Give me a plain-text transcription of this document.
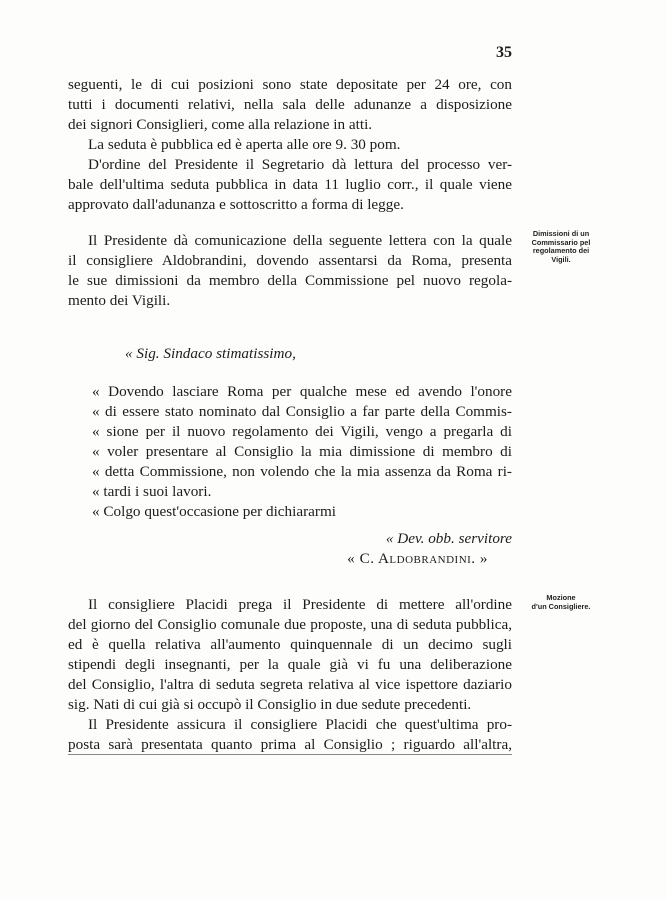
35
seguenti, le di cui posizioni sono state depositate per 24 ore, con
tutti i documenti relativi, nella sala delle adunanze a disposizione
dei signori Consiglieri, come alla relazione in atti.
La seduta è pubblica ed è aperta alle ore 9. 30 pom.
D'ordine del Presidente il Segretario dà lettura del processo ver-
bale dell'ultima seduta pubblica in data 11 luglio corr., il quale viene
approvato dall'adunanza e sottoscritto a forma di legge.
Il Presidente dà comunicazione della seguente lettera con la quale
il consigliere Aldobrandini, dovendo assentarsi da Roma, presenta
le sue dimissioni da membro della Commissione pel nuovo regola-
mento dei Vigili.
« Sig. Sindaco stimatissimo,
« Dovendo lasciare Roma per qualche mese ed avendo l'onore
« di essere stato nominato dal Consiglio a far parte della Commis-
« sione per il nuovo regolamento dei Vigili, vengo a pregarla di
« voler presentare al Consiglio la mia dimissione di membro di
« detta Commissione, non volendo che la mia assenza da Roma ri-
« tardi i suoi lavori.
« Colgo quest'occasione per dichiararmi
« Dev. obb. servitore
« C. Aldobrandini. »
Il consigliere Placidi prega il Presidente di mettere all'ordine
del giorno del Consiglio comunale due proposte, una di seduta pubblica,
ed è quella relativa all'aumento quinquennale di un decimo sugli
stipendi degli insegnanti, per la quale già vi fu una deliberazione
del Consiglio, l'altra di seduta segreta relativa al vice ispettore daziario
sig. Nati di cui già si occupò il Consiglio in due sedute precedenti.
Il Presidente assicura il consigliere Placidi che quest'ultima pro-
posta sarà presentata quanto prima al Consiglio ; riguardo all'altra,
Dimissioni di un
Commissario pel
regolamento dei
Vigili.
Mozione
d'un Consigliere.
